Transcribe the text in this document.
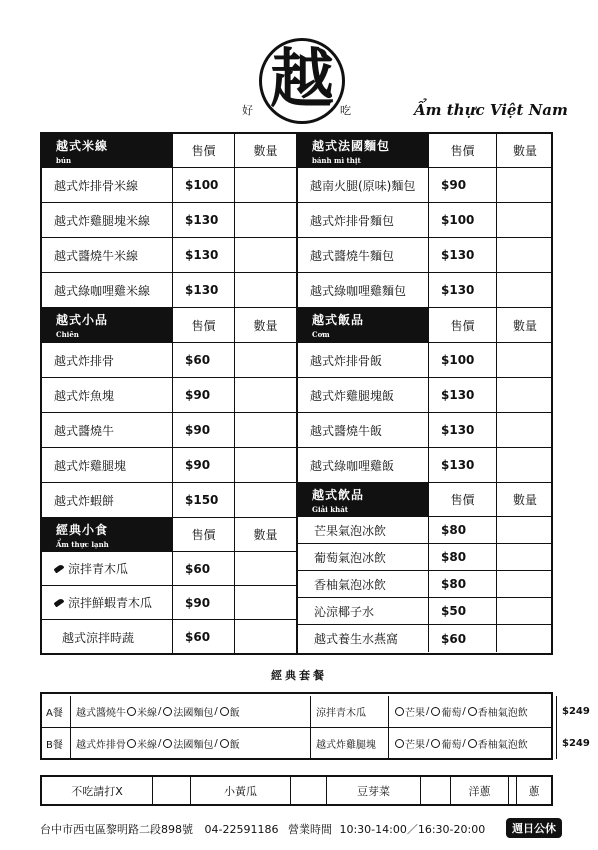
越
好	吃	Ẩm thực Việt Nam
越式米線
bún
售價	數量
越式炸排骨米線	$100
越式炸雞腿塊米線	$130
越式醬燒牛米線	$130
越式綠咖哩雞米線	$130
越式小品
Chiên
售價	數量
越式炸排骨	$60
越式炸魚塊	$90
越式醬燒牛	$90
越式炸雞腿塊	$90
越式炸蝦餅	$150
經典小食
Ẩm thực lạnh
售價	數量
涼拌青木瓜	$60
涼拌鮮蝦青木瓜	$90
越式涼拌時蔬	$60
越式法國麵包
bánh mì thịt
售價	數量
越南火腿(原味)麵包	$90
越式炸排骨麵包	$100
越式醬燒牛麵包	$130
越式綠咖哩雞麵包	$130
越式飯品
Cơm
售價	數量
越式炸排骨飯	$100
越式炸雞腿塊飯	$130
越式醬燒牛飯	$130
越式綠咖哩雞飯	$130
越式飲品
Giải khát
售價	數量
芒果氣泡冰飲	$80
葡萄氣泡冰飲	$80
香柚氣泡冰飲	$80
沁涼椰子水	$50
越式養生水燕窩	$60
經典套餐
A餐	越式醬燒牛 米線 / 法國麵包 / 飯	涼拌青木瓜	芒果 / 葡萄 / 香柚氣泡飲	$249
B餐	越式炸排骨 米線 / 法國麵包 / 飯	越式炸雞腿塊	芒果 / 葡萄 / 香柚氣泡飲	$249
不吃請打X	小黃瓜	豆芽菜	洋蔥	蔥
台中市西屯區黎明路二段898號 04-22591186 營業時間 10:30-14:00／16:30-20:00	週日公休
